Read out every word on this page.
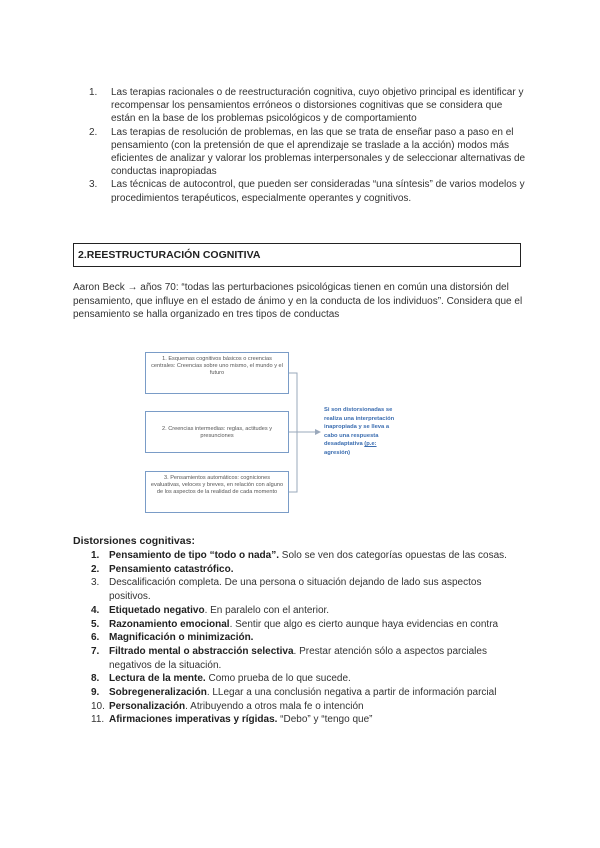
1. Las terapias racionales o de reestructuración cognitiva, cuyo objetivo principal es identificar y recompensar los pensamientos erróneos o distorsiones cognitivas que se considera que están en la base de los problemas psicológicos y de comportamiento
2. Las terapias de resolución de problemas, en las que se trata de enseñar paso a paso en el pensamiento (con la pretensión de que el aprendizaje se traslade a la acción) modos más eficientes de analizar y valorar los problemas interpersonales y de seleccionar alternativas de conductas inapropiadas
3. Las técnicas de autocontrol, que pueden ser consideradas “una síntesis” de varios modelos y procedimientos terapéuticos, especialmente operantes y cognitivos.
2.REESTRUCTURACIÓN COGNITIVA

Aaron Beck → años 70: “todas las perturbaciones psicológicas tienen en común una distorsión del pensamiento, que influye en el estado de ánimo y en la conducta de los individuos”. Considera que el pensamiento se halla organizado en tres tipos de conductas

1. Esquemas cognitivos básicos o creencias centrales: Creencias sobre uno mismo, el mundo y el futuro
2. Creencias intermedias: reglas, actitudes y presunciones
3. Pensamientos automáticos: cogniciones evaluativas, veloces y breves, en relación con alguno de los aspectos de la realidad de cada momento
Si son distorsionadas se realiza una interpretación inapropiada y se lleva a cabo una respuesta desadaptativa (p.e: agresión)
Distorsiones cognitivas:
1. Pensamiento de tipo “todo o nada”. Solo se ven dos categorías opuestas de las cosas.
2. Pensamiento catastrófico.
3. Descalificación completa. De una persona o situación dejando de lado sus aspectos positivos.
4. Etiquetado negativo. En paralelo con el anterior.
5. Razonamiento emocional. Sentir que algo es cierto aunque haya evidencias en contra
6. Magnificación o minimización.
7. Filtrado mental o abstracción selectiva. Prestar atención sólo a aspectos parciales negativos de la situación.
8. Lectura de la mente. Como prueba de lo que sucede.
9. Sobregeneralización. LLegar a una conclusión negativa a partir de información parcial
10. Personalización. Atribuyendo a otros mala fe o intención
11. Afirmaciones imperativas y rígidas. “Debo” y “tengo que”
